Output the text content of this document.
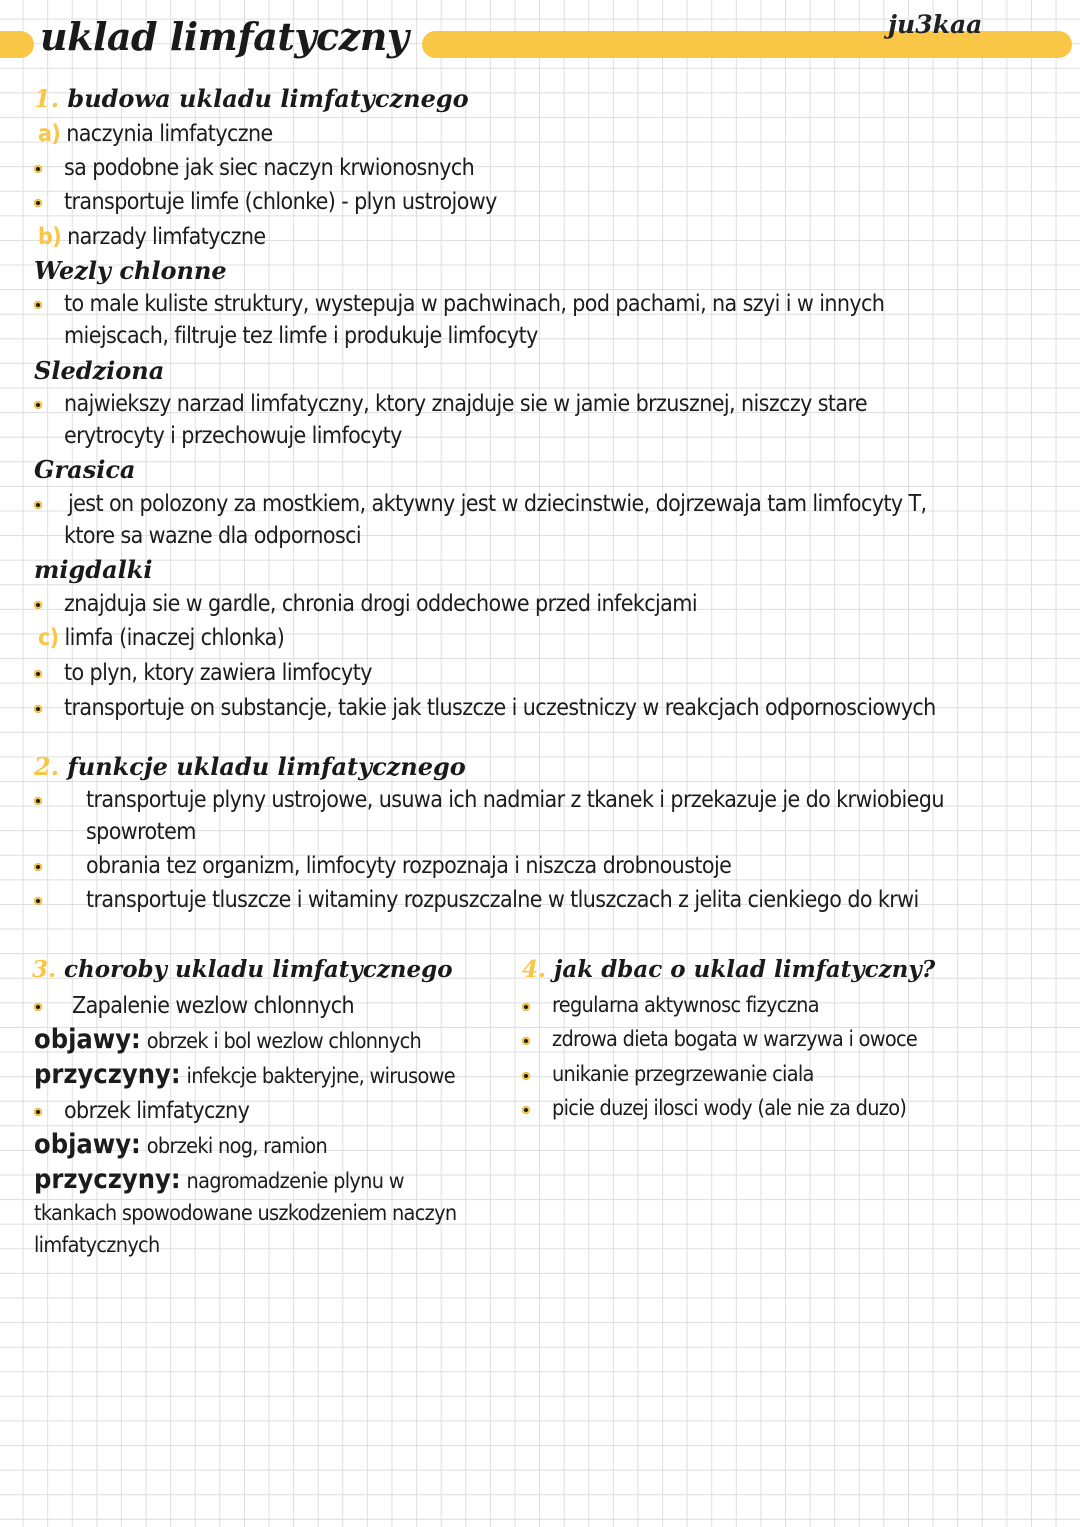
uklad limfatyczny	ju3kaa
1. budowa ukladu limfatycznego
a) naczynia limfatyczne
sa podobne jak siec naczyn krwionosnych
transportuje limfe (chlonke) - plyn ustrojowy
b) narzady limfatyczne
Wezly chlonne
to male kuliste struktury, wystepuja w pachwinach, pod pachami, na szyi i w innych
miejscach, filtruje tez limfe i produkuje limfocyty
Sledziona
najwiekszy narzad limfatyczny, ktory znajduje sie w jamie brzusznej, niszczy stare
erytrocyty i przechowuje limfocyty
Grasica
jest on polozony za mostkiem, aktywny jest w dziecinstwie, dojrzewaja tam limfocyty T,
ktore sa wazne dla odpornosci
migdalki
znajduja sie w gardle, chronia drogi oddechowe przed infekcjami
c) limfa (inaczej chlonka)
to plyn, ktory zawiera limfocyty
transportuje on substancje, takie jak tluszcze i uczestniczy w reakcjach odpornosciowych
2. funkcje ukladu limfatycznego
transportuje plyny ustrojowe, usuwa ich nadmiar z tkanek i przekazuje je do krwiobiegu
spowrotem
obrania tez organizm, limfocyty rozpoznaja i niszcza drobnoustoje
transportuje tluszcze i witaminy rozpuszczalne w tluszczach z jelita cienkiego do krwi
3. choroby ukladu limfatycznego
Zapalenie wezlow chlonnych
objawy: obrzek i bol wezlow chlonnych
przyczyny: infekcje bakteryjne, wirusowe
obrzek limfatyczny
objawy: obrzeki nog, ramion
przyczyny: nagromadzenie plynu w
tkankach spowodowane uszkodzeniem naczyn
limfatycznych
4. jak dbac o uklad limfatyczny?
regularna aktywnosc fizyczna
zdrowa dieta bogata w warzywa i owoce
unikanie przegrzewanie ciala
picie duzej ilosci wody (ale nie za duzo)
